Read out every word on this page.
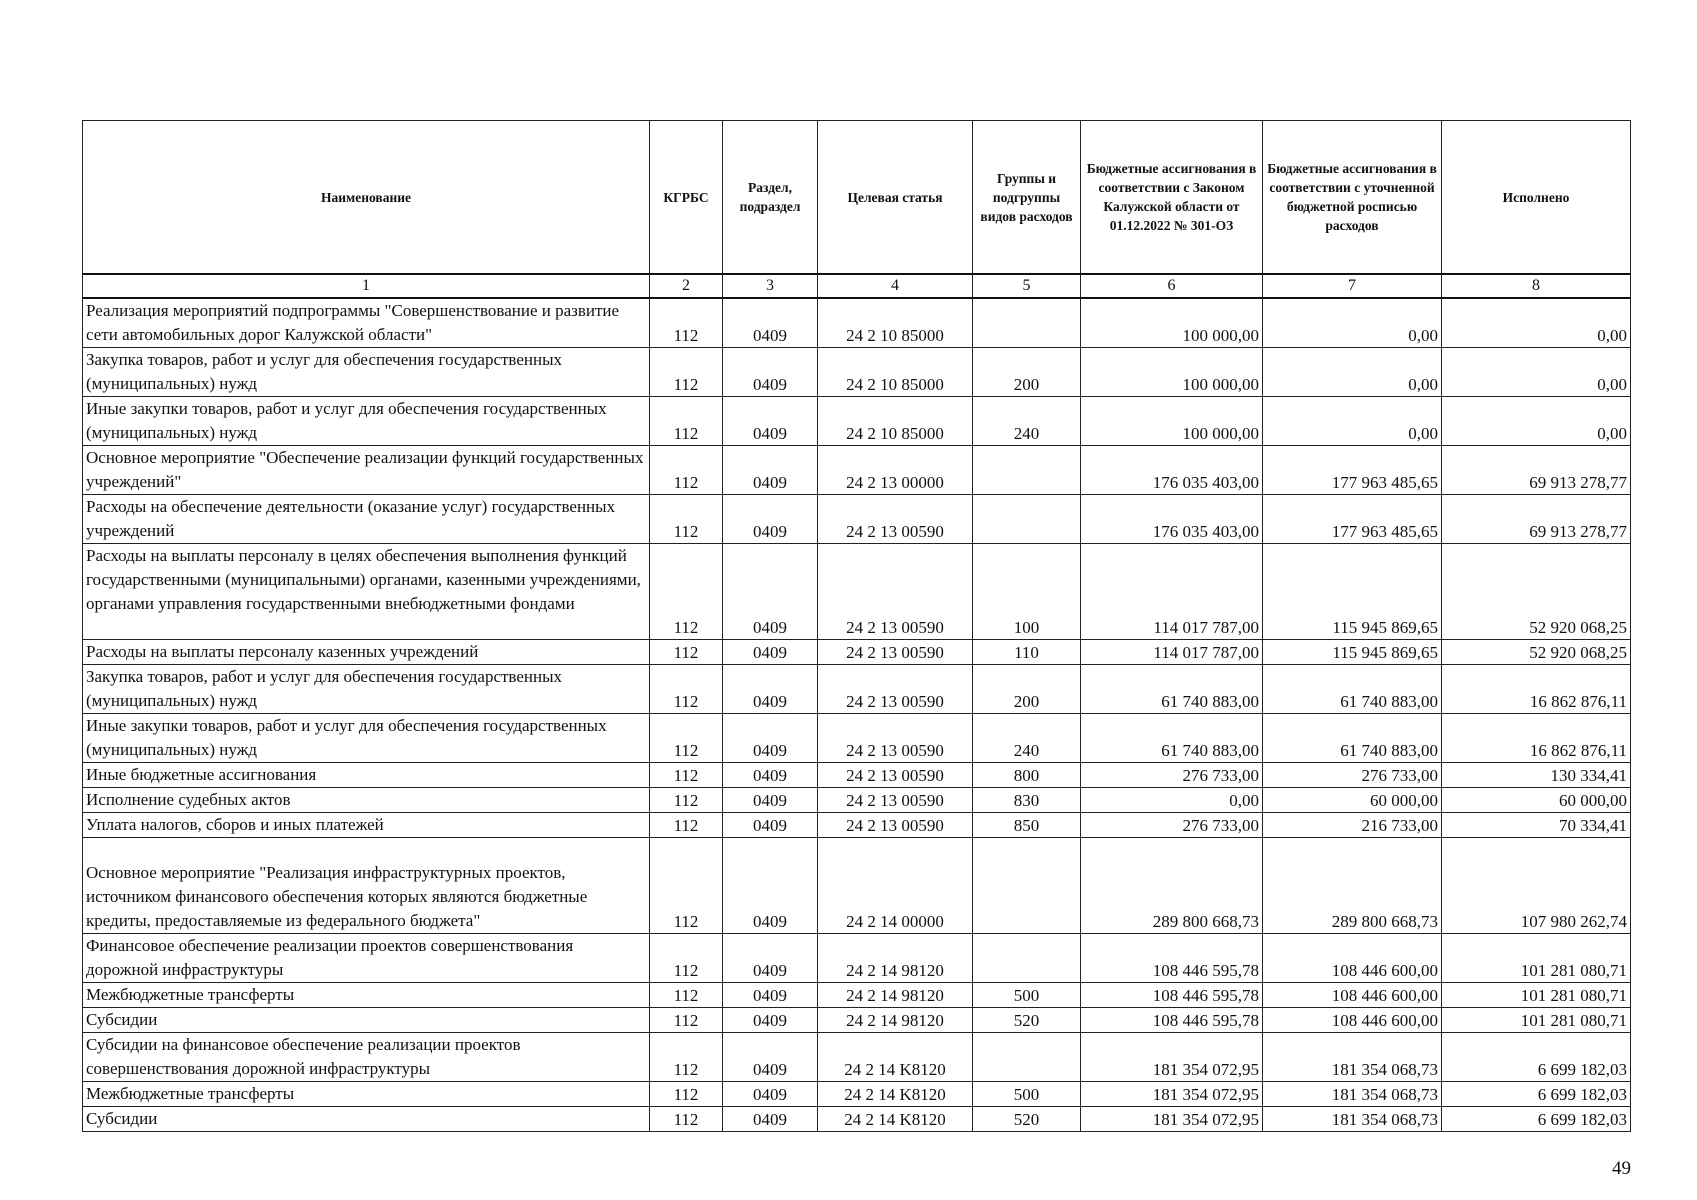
Наименование	КГРБС	Раздел, подраздел	Целевая статья	Группы и подгруппы видов расходов	Бюджетные ассигнования в соответствии с Законом Калужской области от 01.12.2022 № 301-ОЗ	Бюджетные ассигнования в соответствии с уточненной бюджетной росписью расходов	Исполнено
1	2	3	4	5	6	7	8
Реализация мероприятий подпрограммы "Совершенствование и развитие сети автомобильных дорог Калужской области"	112	0409	24 2 10 85000		100 000,00	0,00	0,00
Закупка товаров, работ и услуг для обеспечения государственных (муниципальных) нужд	112	0409	24 2 10 85000	200	100 000,00	0,00	0,00
Иные закупки товаров, работ и услуг для обеспечения государственных (муниципальных) нужд	112	0409	24 2 10 85000	240	100 000,00	0,00	0,00
Основное мероприятие "Обеспечение реализации функций государственных учреждений"	112	0409	24 2 13 00000		176 035 403,00	177 963 485,65	69 913 278,77
Расходы на обеспечение деятельности (оказание услуг) государственных учреждений	112	0409	24 2 13 00590		176 035 403,00	177 963 485,65	69 913 278,77
Расходы на выплаты персоналу в целях обеспечения выполнения функций государственными (муниципальными) органами, казенными учреждениями, органами управления государственными внебюджетными фондами	112	0409	24 2 13 00590	100	114 017 787,00	115 945 869,65	52 920 068,25
Расходы на выплаты персоналу казенных учреждений	112	0409	24 2 13 00590	110	114 017 787,00	115 945 869,65	52 920 068,25
Закупка товаров, работ и услуг для обеспечения государственных (муниципальных) нужд	112	0409	24 2 13 00590	200	61 740 883,00	61 740 883,00	16 862 876,11
Иные закупки товаров, работ и услуг для обеспечения государственных (муниципальных) нужд	112	0409	24 2 13 00590	240	61 740 883,00	61 740 883,00	16 862 876,11
Иные бюджетные ассигнования	112	0409	24 2 13 00590	800	276 733,00	276 733,00	130 334,41
Исполнение судебных актов	112	0409	24 2 13 00590	830	0,00	60 000,00	60 000,00
Уплата налогов, сборов и иных платежей	112	0409	24 2 13 00590	850	276 733,00	216 733,00	70 334,41
Основное мероприятие "Реализация инфраструктурных проектов, источником финансового обеспечения которых являются бюджетные кредиты, предоставляемые из федерального бюджета"	112	0409	24 2 14 00000		289 800 668,73	289 800 668,73	107 980 262,74
Финансовое обеспечение реализации проектов совершенствования дорожной инфраструктуры	112	0409	24 2 14 98120		108 446 595,78	108 446 600,00	101 281 080,71
Межбюджетные трансферты	112	0409	24 2 14 98120	500	108 446 595,78	108 446 600,00	101 281 080,71
Субсидии	112	0409	24 2 14 98120	520	108 446 595,78	108 446 600,00	101 281 080,71
Субсидии на финансовое обеспечение реализации проектов совершенствования дорожной инфраструктуры	112	0409	24 2 14 K8120		181 354 072,95	181 354 068,73	6 699 182,03
Межбюджетные трансферты	112	0409	24 2 14 K8120	500	181 354 072,95	181 354 068,73	6 699 182,03
Субсидии	112	0409	24 2 14 K8120	520	181 354 072,95	181 354 068,73	6 699 182,03
49
